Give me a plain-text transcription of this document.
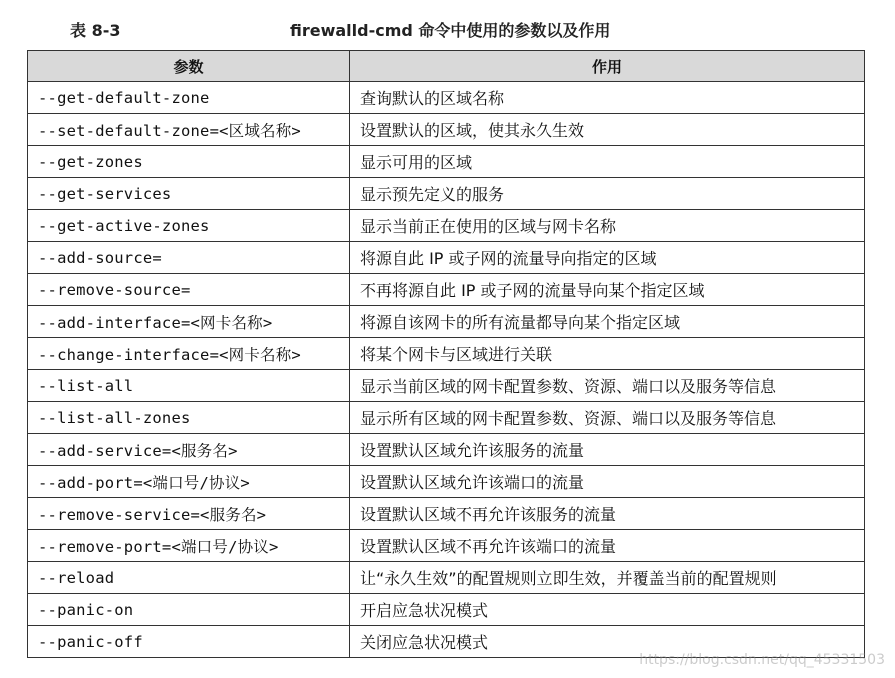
表 8-3	firewalld-cmd 命令中使用的参数以及作用
参数	作用
--get-default-zone	查询默认的区域名称
--set-default-zone=<区域名称>	设置默认的区域，使其永久生效
--get-zones	显示可用的区域
--get-services	显示预先定义的服务
--get-active-zones	显示当前正在使用的区域与网卡名称
--add-source=	将源自此 IP 或子网的流量导向指定的区域
--remove-source=	不再将源自此 IP 或子网的流量导向某个指定区域
--add-interface=<网卡名称>	将源自该网卡的所有流量都导向某个指定区域
--change-interface=<网卡名称>	将某个网卡与区域进行关联
--list-all	显示当前区域的网卡配置参数、资源、端口以及服务等信息
--list-all-zones	显示所有区域的网卡配置参数、资源、端口以及服务等信息
--add-service=<服务名>	设置默认区域允许该服务的流量
--add-port=<端口号/协议>	设置默认区域允许该端口的流量
--remove-service=<服务名>	设置默认区域不再允许该服务的流量
--remove-port=<端口号/协议>	设置默认区域不再允许该端口的流量
--reload	让“永久生效”的配置规则立即生效，并覆盖当前的配置规则
--panic-on	开启应急状况模式
--panic-off	关闭应急状况模式
https://blog.csdn.net/qq_45331503
